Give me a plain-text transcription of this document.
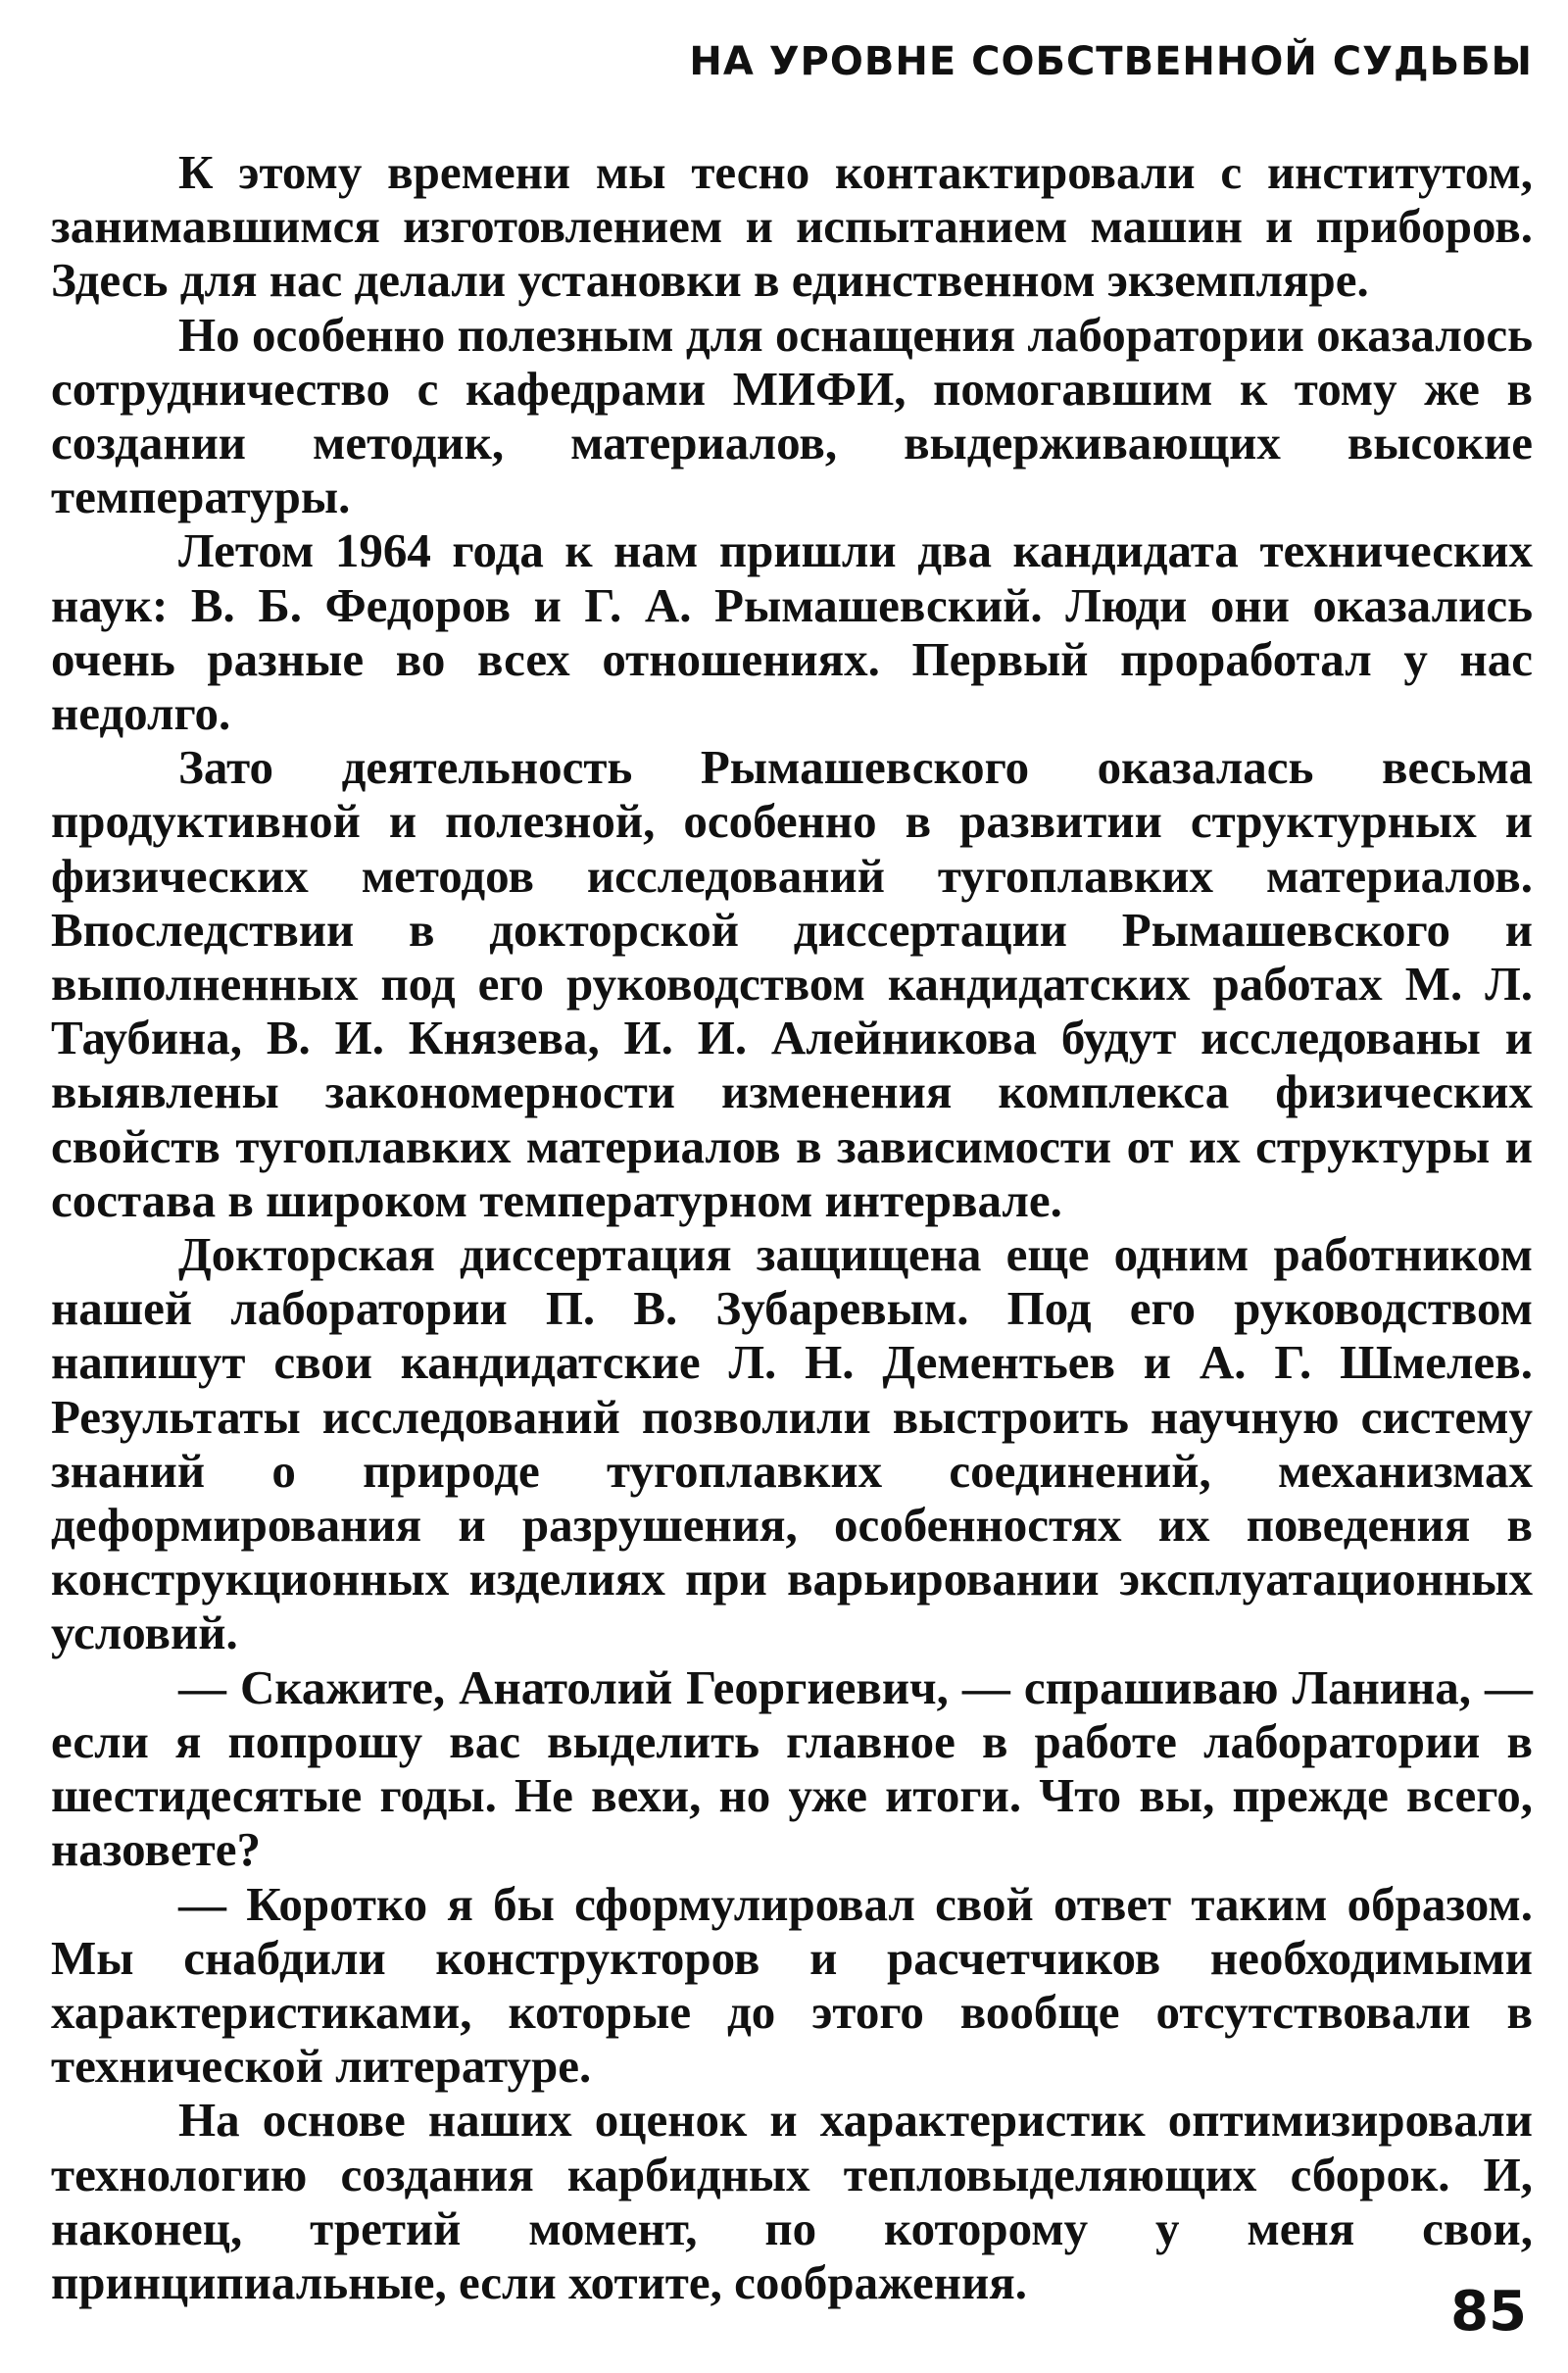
НА УРОВНЕ СОБСТВЕННОЙ СУДЬБЫ

К этому времени мы тесно контактировали с институтом, занимавшимся изготовлением и испытанием машин и приборов. Здесь для нас делали установки в единственном экземпляре.

Но особенно полезным для оснащения лаборатории оказалось сотрудничество с кафедрами МИФИ, помогавшим к тому же в создании методик, материалов, выдерживающих высокие температуры.

Летом 1964 года к нам пришли два кандидата технических наук: В. Б. Федоров и Г. А. Рымашевский. Люди они оказались очень разные во всех отношениях. Первый проработал у нас недолго.

Зато деятельность Рымашевского оказалась весьма продуктивной и полезной, особенно в развитии структурных и физических методов исследований тугоплавких материалов. Впоследствии в докторской диссертации Рымашевского и выполненных под его руководством кандидатских работах М. Л. Таубина, В. И. Князева, И. И. Алейникова будут исследованы и выявлены закономерности изменения комплекса физических свойств тугоплавких материалов в зависимости от их структуры и состава в широком температурном интервале.

Докторская диссертация защищена еще одним работником нашей лаборатории П. В. Зубаревым. Под его руководством напишут свои кандидатские Л. Н. Дементьев и А. Г. Шмелев. Результаты исследований позволили выстроить научную систему знаний о природе тугоплавких соединений, механизмах деформирования и разрушения, особенностях их поведения в конструкционных изделиях при варьировании эксплуатационных условий.

— Скажите, Анатолий Георгиевич, — спрашиваю Ланина, — если я попрошу вас выделить главное в работе лаборатории в шестидесятые годы. Не вехи, но уже итоги. Что вы, прежде всего, назовете?

— Коротко я бы сформулировал свой ответ таким образом. Мы снабдили конструкторов и расчетчиков необходимыми характеристиками, которые до этого вообще отсутствовали в технической литературе.

На основе наших оценок и характеристик оптимизировали технологию создания карбидных тепловыделяющих сборок. И, наконец, третий момент, по которому у меня свои, принципиальные, если хотите, соображения.	85
